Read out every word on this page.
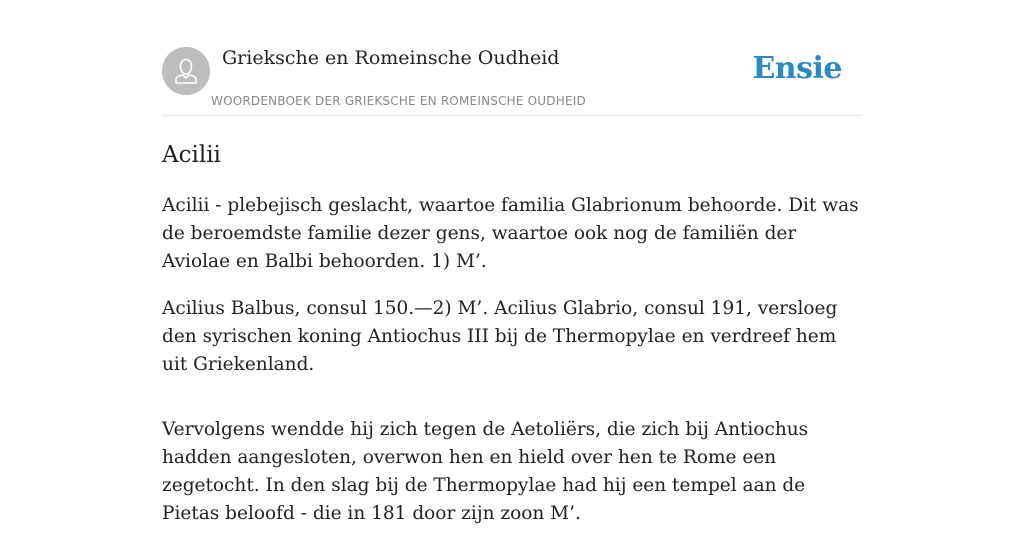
Grieksche en Romeinsche Oudheid
WOORDENBOEK DER GRIEKSCHE EN ROMEINSCHE OUDHEID
Ensie
Acilii

Acilii - plebejisch geslacht, waartoe familia Glabrionum behoorde. Dit was de beroemdste familie dezer gens, waartoe ook nog de familiën der Aviolae en Balbi behoorden. 1) M’.

Acilius Balbus, consul 150.—2) M’. Acilius Glabrio, consul 191, versloeg den syrischen koning Antiochus III bij de Thermopylae en verdreef hem uit Griekenland.

Vervolgens wendde hij zich tegen de Aetoliërs, die zich bij Antiochus hadden aangesloten, overwon hen en hield over hen te Rome een zegetocht. In den slag bij de Thermopylae had hij een tempel aan de Pietas beloofd - die in 181 door zijn zoon M’.
